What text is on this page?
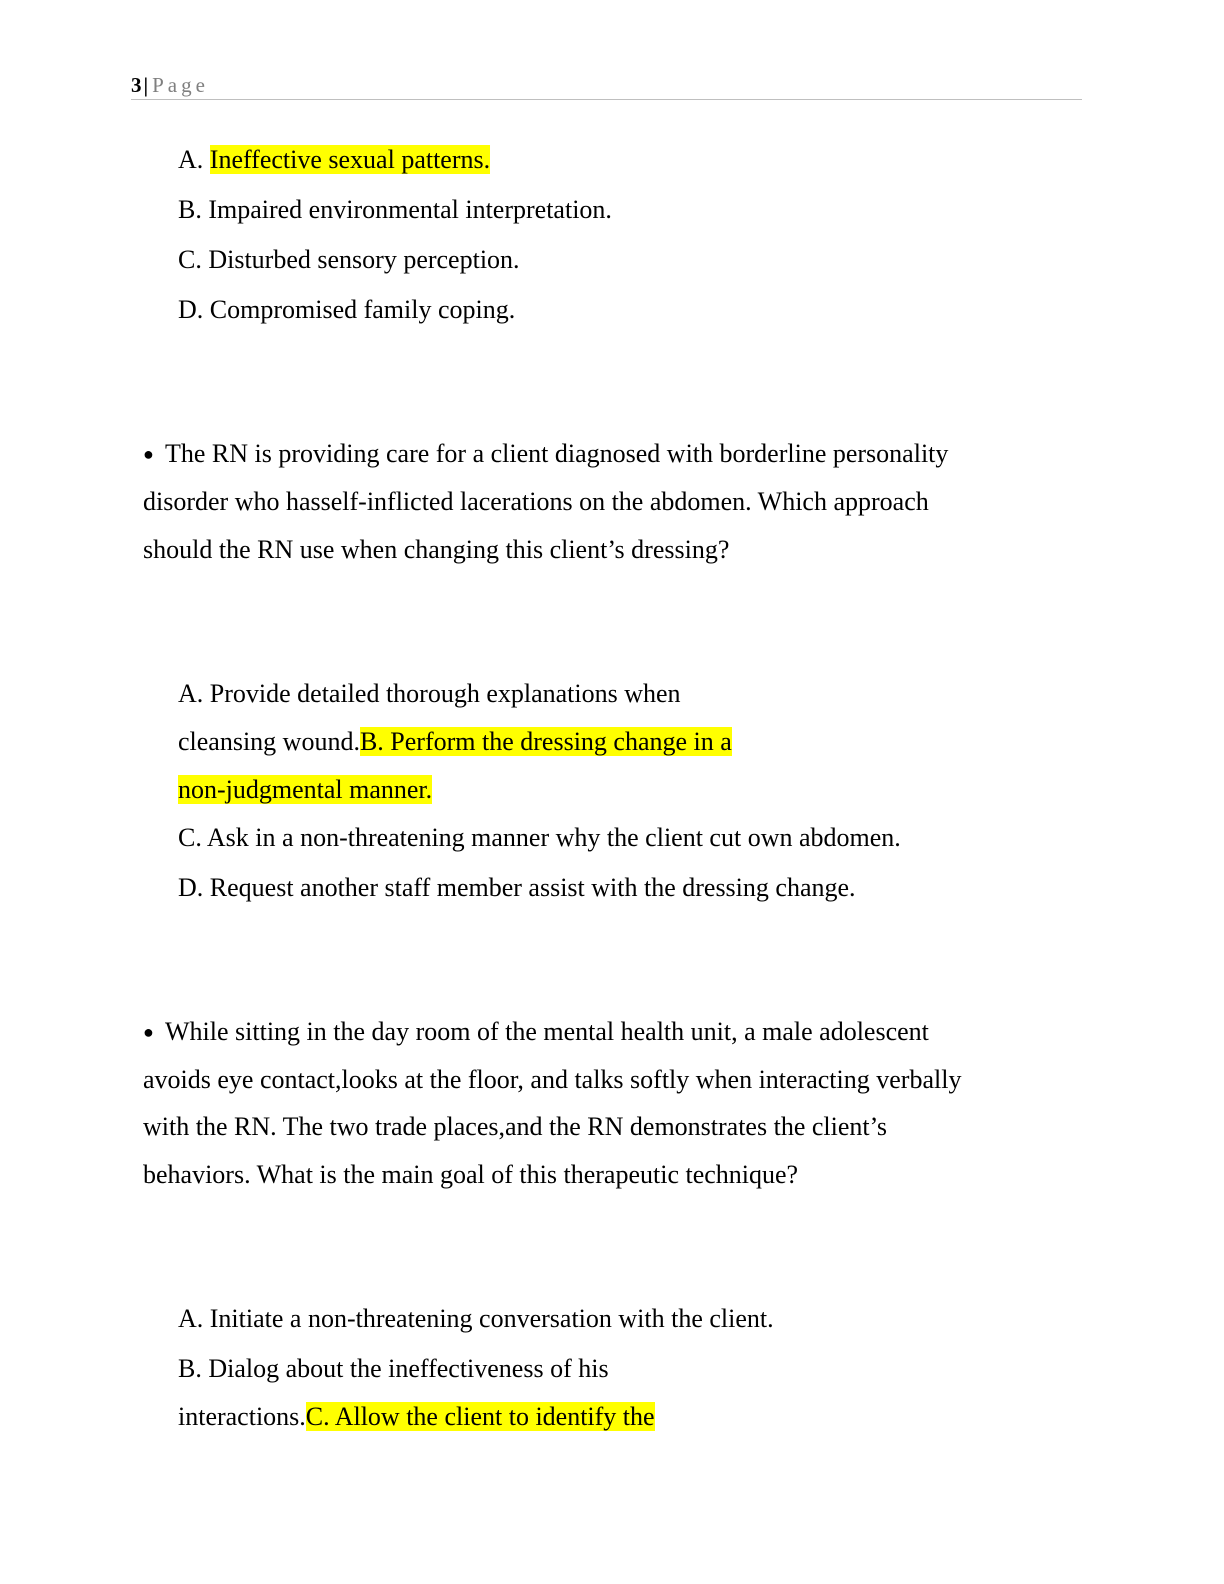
3| Page
A. Ineffective sexual patterns.
B. Impaired environmental interpretation.
C. Disturbed sensory perception.
D. Compromised family coping.
● The RN is providing care for a client diagnosed with borderline personality
disorder who hasself-inflicted lacerations on the abdomen. Which approach
should the RN use when changing this client’s dressing?
A. Provide detailed thorough explanations when
cleansing wound.B. Perform the dressing change in a
non-judgmental manner.
C. Ask in a non-threatening manner why the client cut own abdomen.
D. Request another staff member assist with the dressing change.
● While sitting in the day room of the mental health unit, a male adolescent
avoids eye contact,looks at the floor, and talks softly when interacting verbally
with the RN. The two trade places,and the RN demonstrates the client’s
behaviors. What is the main goal of this therapeutic technique?
A. Initiate a non-threatening conversation with the client.
B. Dialog about the ineffectiveness of his
interactions.C. Allow the client to identify the
